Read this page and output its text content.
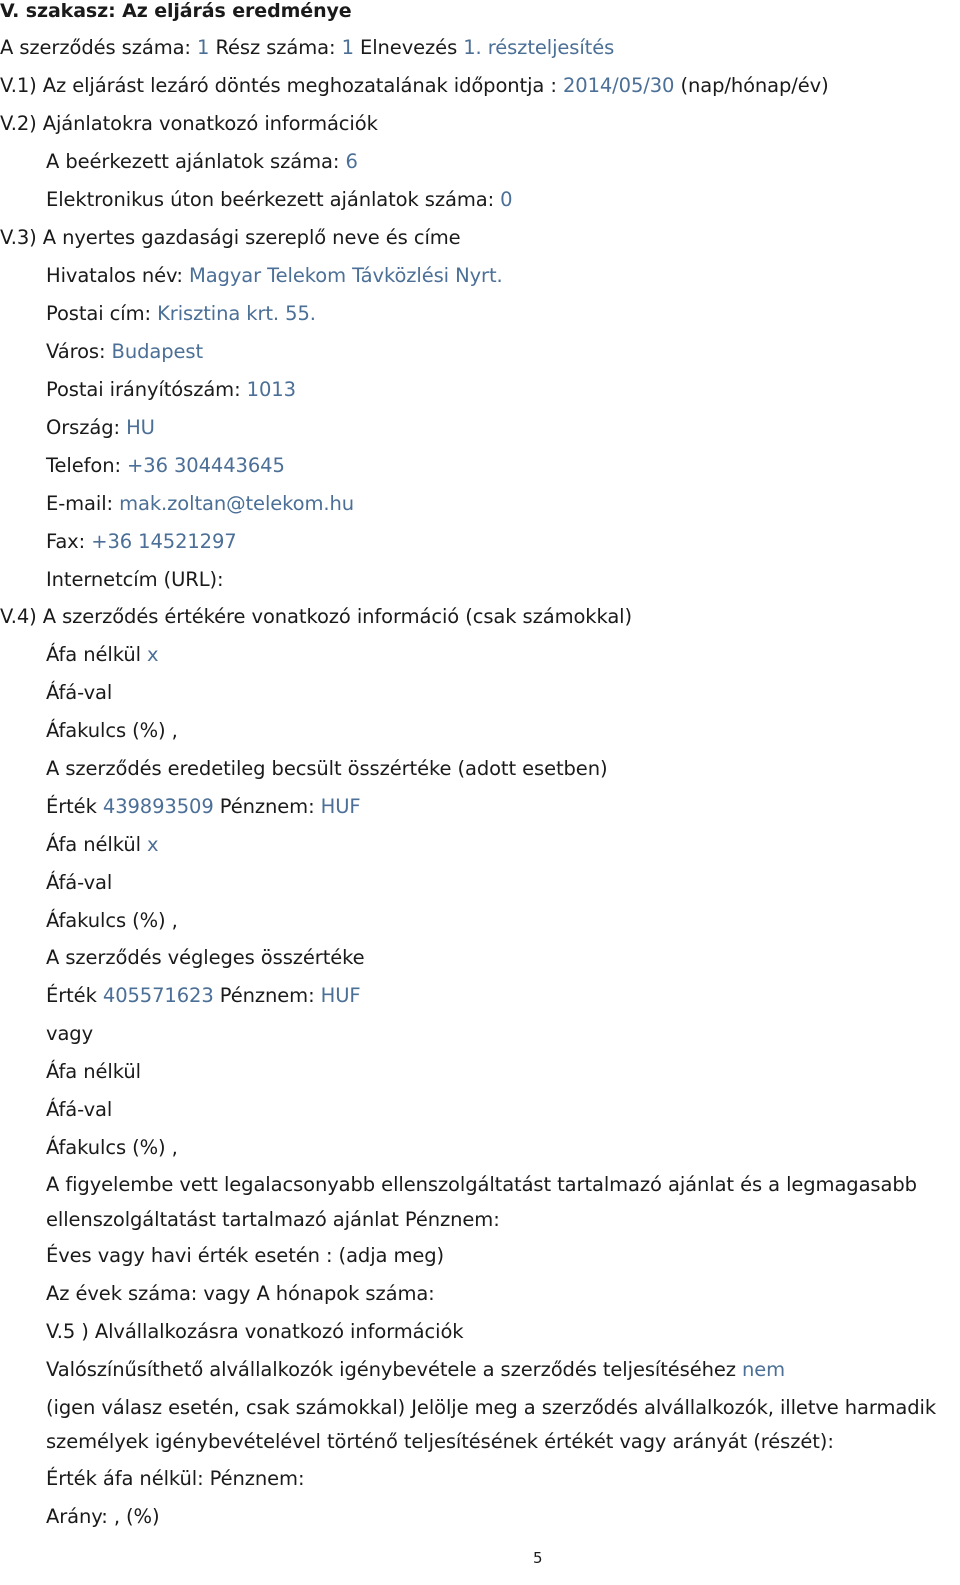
V. szakasz: Az eljárás eredménye
A szerződés száma: 1 Rész száma: 1 Elnevezés 1. részteljesítés
V.1) Az eljárást lezáró döntés meghozatalának időpontja : 2014/05/30 (nap/hónap/év)
V.2) Ajánlatokra vonatkozó információk
A beérkezett ajánlatok száma: 6
Elektronikus úton beérkezett ajánlatok száma: 0
V.3) A nyertes gazdasági szereplő neve és címe
Hivatalos név: Magyar Telekom Távközlési Nyrt.
Postai cím: Krisztina krt. 55.
Város: Budapest
Postai irányítószám: 1013
Ország: HU
Telefon: +36 304443645
E-mail: mak.zoltan@telekom.hu
Fax: +36 14521297
Internetcím (URL):
V.4) A szerződés értékére vonatkozó információ (csak számokkal)
Áfa nélkül x
Áfá-val
Áfakulcs (%) ,
A szerződés eredetileg becsült összértéke (adott esetben)
Érték 439893509 Pénznem: HUF
Áfa nélkül x
Áfá-val
Áfakulcs (%) ,
A szerződés végleges összértéke
Érték 405571623 Pénznem: HUF
vagy
Áfa nélkül
Áfá-val
Áfakulcs (%) ,
A figyelembe vett legalacsonyabb ellenszolgáltatást tartalmazó ajánlat és a legmagasabb
ellenszolgáltatást tartalmazó ajánlat Pénznem:
Éves vagy havi érték esetén : (adja meg)
Az évek száma: vagy A hónapok száma:
V.5 ) Alvállalkozásra vonatkozó információk
Valószínűsíthető alvállalkozók igénybevétele a szerződés teljesítéséhez nem
(igen válasz esetén, csak számokkal) Jelölje meg a szerződés alvállalkozók, illetve harmadik
személyek igénybevételével történő teljesítésének értékét vagy arányát (részét):
Érték áfa nélkül: Pénznem:
Arány: , (%)
5
